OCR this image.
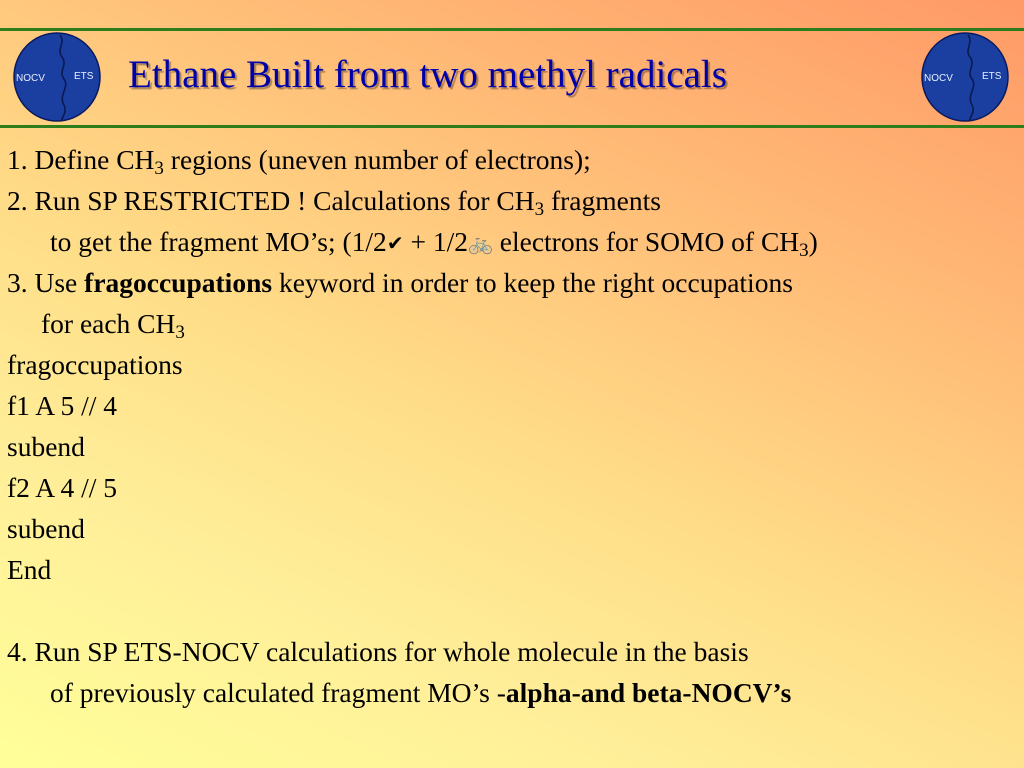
NOCV	ETS	NOCV	ETS
Ethane Built from two methyl radicals
1. Define $CH_3$ regions (uneven number of electrons);
2. Run SP RESTRICTED ! Calculations for $CH_3$ fragments
to get the fragment MO’s; (1/2✔ + 1/2🚲 electrons for SOMO of $CH_3$)
3. Use fragoccupations keyword in order to keep the right occupations
for each $CH_3$
fragoccupations
f1 A 5 // 4
subend
f2 A 4 // 5
subend
End
4. Run SP ETS-NOCV calculations for whole molecule in the basis
of previously calculated fragment MO’s -alpha-and beta-NOCV’s
